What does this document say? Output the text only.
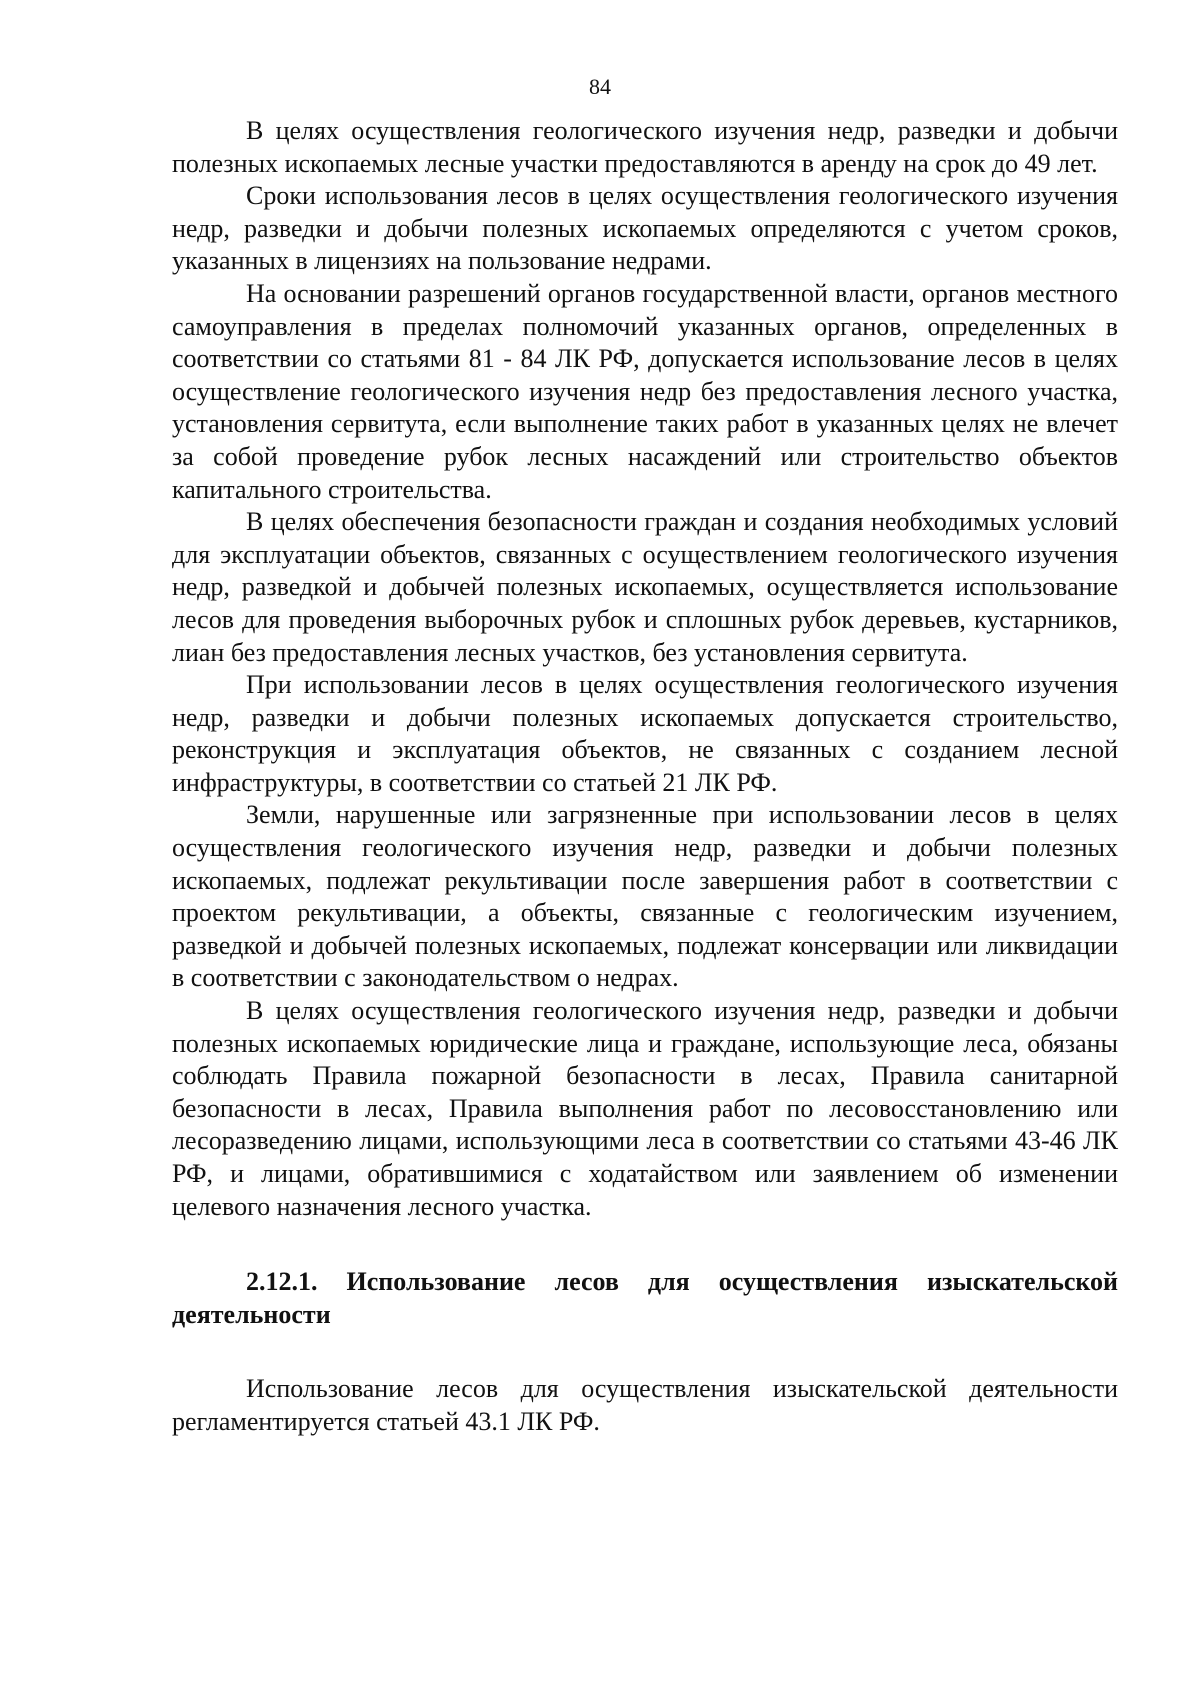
84

В целях осуществления геологического изучения недр, разведки и добычи полезных ископаемых лесные участки предоставляются в аренду на срок до 49 лет.

Сроки использования лесов в целях осуществления геологического изучения недр, разведки и добычи полезных ископаемых определяются с учетом сроков, указанных в лицензиях на пользование недрами.

На основании разрешений органов государственной власти, органов местного самоуправления в пределах полномочий указанных органов, определенных в соответствии со статьями 81 - 84 ЛК РФ, допускается использование лесов в целях осуществление геологического изучения недр без предоставления лесного участка, установления сервитута, если выполнение таких работ в указанных целях не влечет за собой проведение рубок лесных насаждений или строительство объектов капитального строительства.

В целях обеспечения безопасности граждан и создания необходимых условий для эксплуатации объектов, связанных с осуществлением геологического изучения недр, разведкой и добычей полезных ископаемых, осуществляется использование лесов для проведения выборочных рубок и сплошных рубок деревьев, кустарников, лиан без предоставления лесных участков, без установления сервитута.

При использовании лесов в целях осуществления геологического изучения недр, разведки и добычи полезных ископаемых допускается строительство, реконструкция и эксплуатация объектов, не связанных с созданием лесной инфраструктуры, в соответствии со статьей 21 ЛК РФ.

Земли, нарушенные или загрязненные при использовании лесов в целях осуществления геологического изучения недр, разведки и добычи полезных ископаемых, подлежат рекультивации после завершения работ в соответствии с проектом рекультивации, а объекты, связанные с геологическим изучением, разведкой и добычей полезных ископаемых, подлежат консервации или ликвидации в соответствии с законодательством о недрах.

В целях осуществления геологического изучения недр, разведки и добычи полезных ископаемых юридические лица и граждане, использующие леса, обязаны соблюдать Правила пожарной безопасности в лесах, Правила санитарной безопасности в лесах, Правила выполнения работ по лесовосстановлению или лесоразведению лицами, использующими леса в соответствии со статьями 43-46 ЛК РФ, и лицами, обратившимися с ходатайством или заявлением об изменении целевого назначения лесного участка.

2.12.1. Использование лесов для осуществления изыскательской деятельности

Использование лесов для осуществления изыскательской деятельности регламентируется статьей 43.1 ЛК РФ.
